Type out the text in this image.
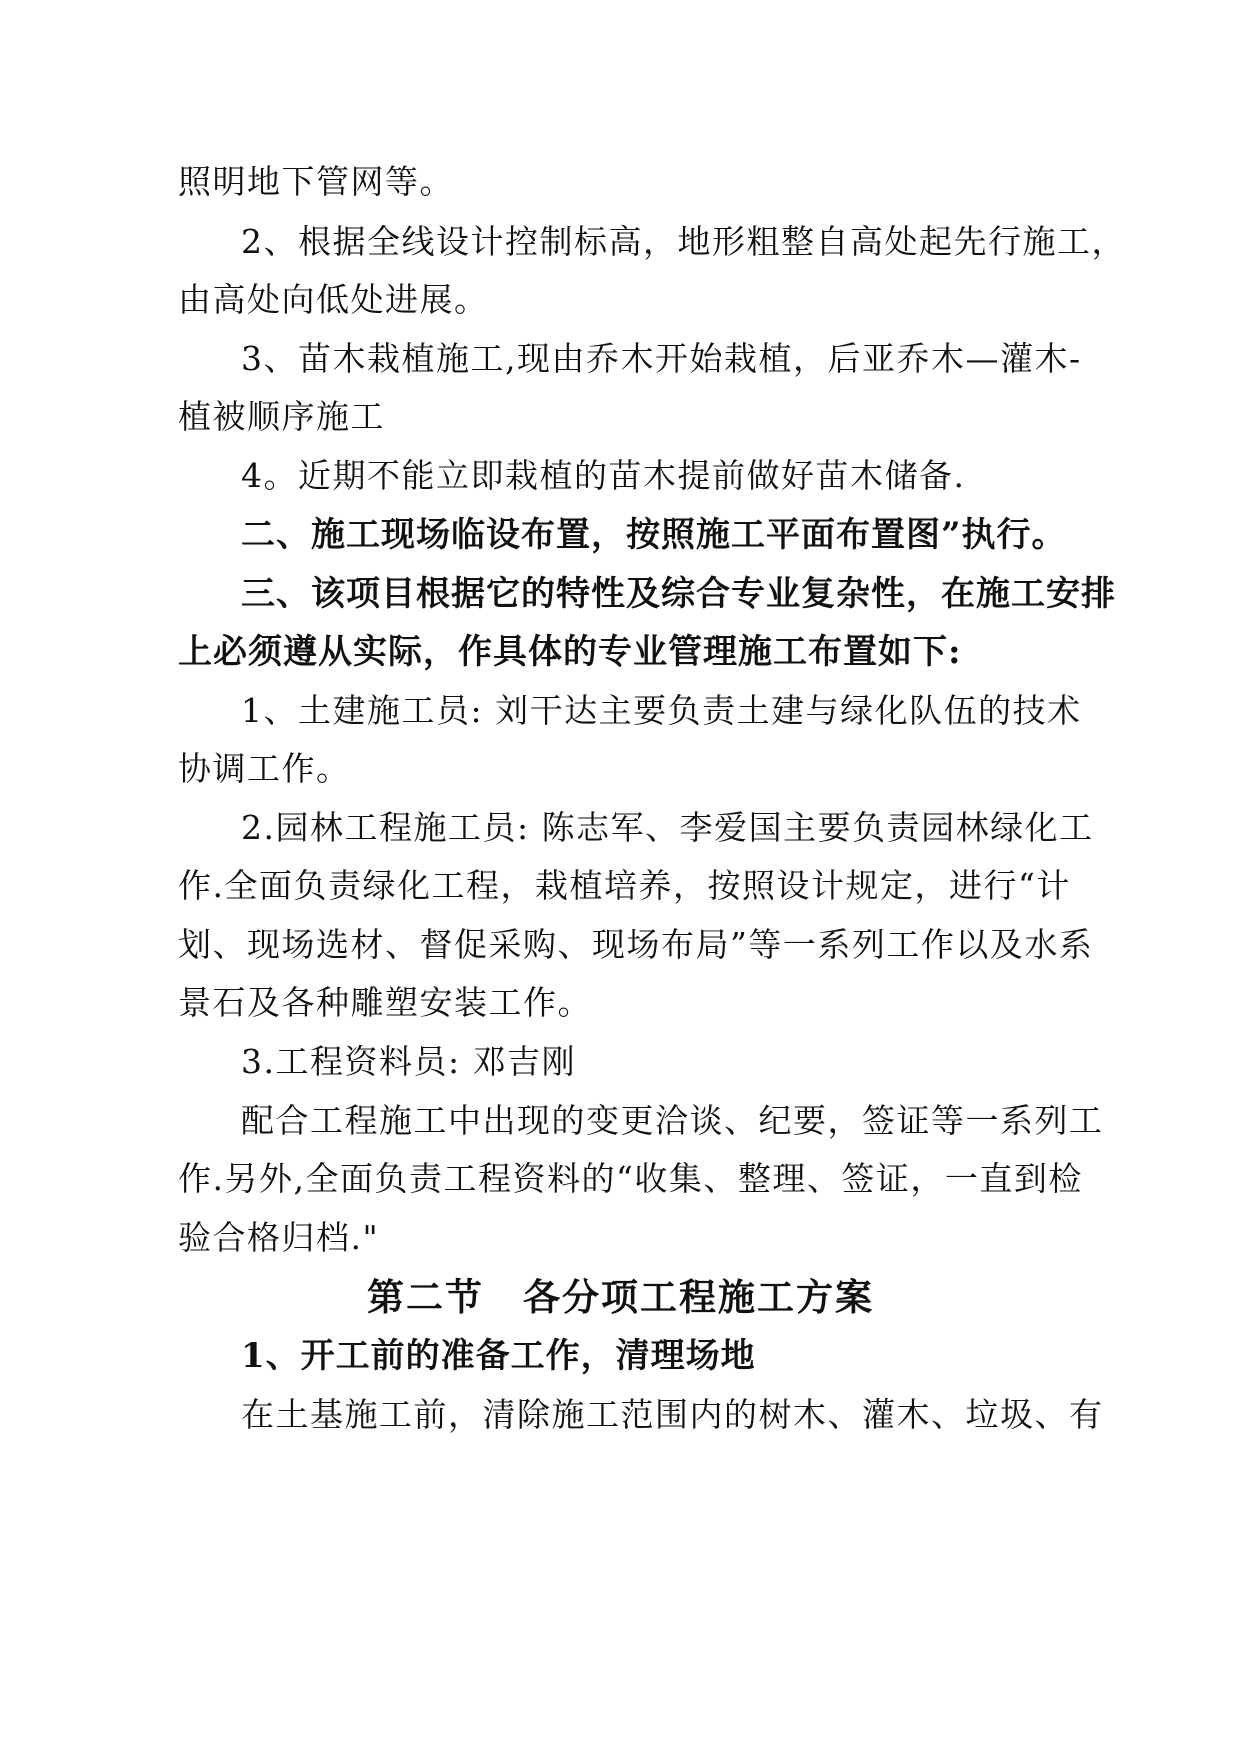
照明地下管网等。
2、根据全线设计控制标高，地形粗整自高处起先行施工，
由高处向低处进展。
3、苗木栽植施工,现由乔木开始栽植，后亚乔木—灌木-
植被顺序施工
4。近期不能立即栽植的苗木提前做好苗木储备.
二、施工现场临设布置，按照施工平面布置图”执行。
三、该项目根据它的特性及综合专业复杂性，在施工安排
上必须遵从实际，作具体的专业管理施工布置如下:
1、土建施工员: 刘干达主要负责土建与绿化队伍的技术
协调工作。
2.园林工程施工员: 陈志军、李爱国主要负责园林绿化工
作.全面负责绿化工程，栽植培养，按照设计规定，进行“计
划、现场选材、督促采购、现场布局”等一系列工作以及水系
景石及各种雕塑安装工作。
3.工程资料员: 邓吉刚
配合工程施工中出现的变更洽谈、纪要，签证等一系列工
作.另外,全面负责工程资料的“收集、整理、签证，一直到检
验合格归档."
第二节　各分项工程施工方案
1、开工前的准备工作，清理场地
在土基施工前，清除施工范围内的树木、灌木、垃圾、有
